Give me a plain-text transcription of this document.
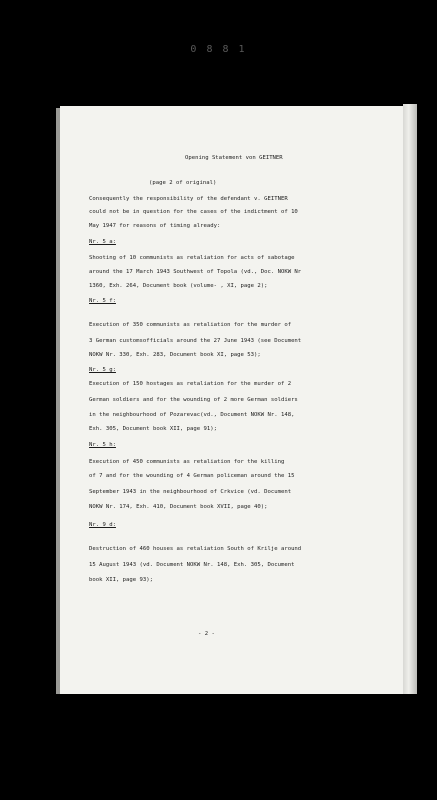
0 8 8 1
Opening Statement von GEITNER
(page 2 of original)
Consequently the responsibility of the defendant v. GEITNER
could not be in question for the cases of the indictment of 10
May 1947 for reasons of timing already:
Nr. 5 a:
Shooting of 10 communists as retaliation for acts of sabotage
around the 17 March 1943 Southwest of Topola (vd., Doc. NOKW Nr
1360, Exh. 264, Document book (volume- , XI, page 2);
Nr. 5 f:
Execution of 350 communists as retaliation for the murder of
3 German customsofficials around the 27 June 1943 (see Document
NOKW Nr. 330, Exh. 283, Document book XI, page 53);
Nr. 5 g:
Execution of 150 hostages as retaliation for the murder of 2
German soldiers and for the wounding of 2 more German soldiers
in the neighbourhood of Pozarevac(vd., Document NOKW Nr. 148,
Exh. 305, Document book XII, page 91);
Nr. 5 h:
Execution of 450 communists as retaliation for the killing
of 7 and for the wounding of 4 German policeman around the 15
September 1943 in the neighbourhood of Crkvice (vd. Document
NOKW Nr. 174, Exh. 410, Document book XVII, page 40);
Nr. 9 d:
Destruction of 460 houses as retaliation South of Krilje around
15 August 1943 (vd. Document NOKW Nr. 148, Exh. 305, Document
book XII, page 93);
- 2 -
